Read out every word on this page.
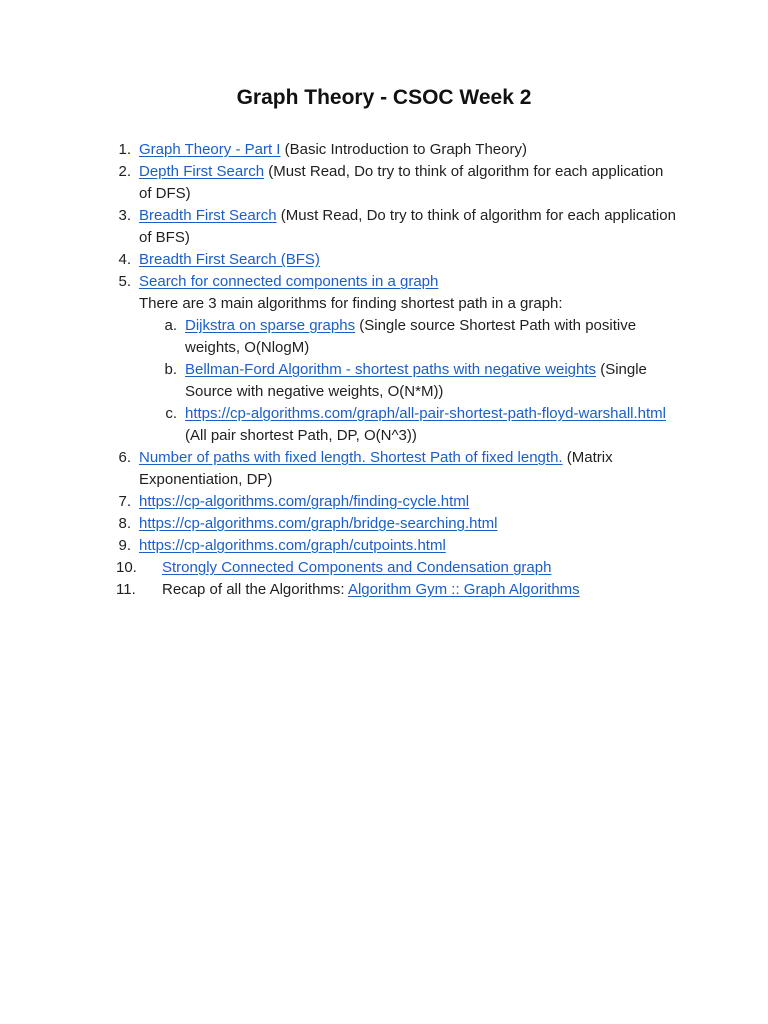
Graph Theory - CSOC Week 2
1. Graph Theory - Part I (Basic Introduction to Graph Theory)
2. Depth First Search (Must Read, Do try to think of algorithm for each application of DFS)
3. Breadth First Search (Must Read, Do try to think of algorithm for each application of BFS)
4. Breadth First Search (BFS)
5. Search for connected components in a graph
There are 3 main algorithms for finding shortest path in a graph:
a. Dijkstra on sparse graphs (Single source Shortest Path with positive weights, O(NlogM)
b. Bellman-Ford Algorithm - shortest paths with negative weights (Single Source with negative weights, O(N*M))
c. https://cp-algorithms.com/graph/all-pair-shortest-path-floyd-warshall.html (All pair shortest Path, DP, O(N^3))
6. Number of paths with fixed length. Shortest Path of fixed length. (Matrix Exponentiation, DP)
7. https://cp-algorithms.com/graph/finding-cycle.html
8. https://cp-algorithms.com/graph/bridge-searching.html
9. https://cp-algorithms.com/graph/cutpoints.html
10. Strongly Connected Components and Condensation graph
11. Recap of all the Algorithms: Algorithm Gym :: Graph Algorithms
